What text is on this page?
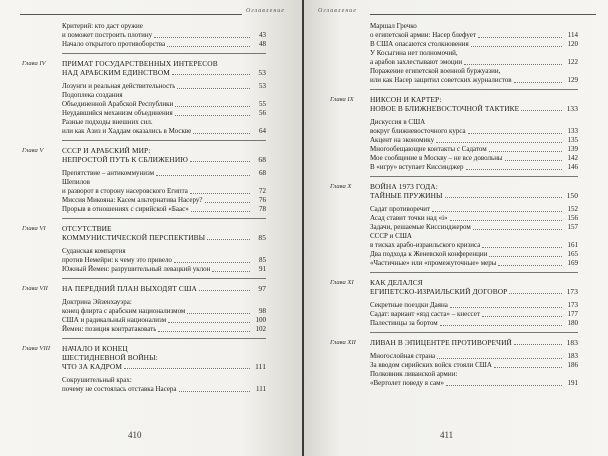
Оглавление
Критерий: кто даст оружие
и поможет построить плотину	43
Начало открытого противоборства	48
Глава IV	ПРИМАТ ГОСУДАРСТВЕННЫХ ИНТЕРЕСОВ
НАД АРАБСКИМ ЕДИНСТВОМ	53
Лозунги и реальная действительность	53
Подоплека создания
Объединенной Арабской Республики	55
Неудавшийся механизм объединения	56
Разные подходы внешних сил.
или как Азиз и Хаддам оказались в Москве	64
Глава V	СССР И АРАБСКИЙ МИР:
НЕПРОСТОЙ ПУТЬ К СБЛИЖЕНИЮ	68
Препятствие – антикоммунизм	68
Шепилов
и разворот в сторону насеровского Египта	72
Миссия Микояна: Касем альтернатива Насеру?	76
Прорыв в отношениях с сирийской «Баас»	78
Глава VI	ОТСУТСТВИЕ
КОММУНИСТИЧЕСКОЙ ПЕРСПЕКТИВЫ	85
Суданская компартия
против Немейри: к чему это привело	85
Южный Йемен: разрушительный левацкий уклон	91
Глава VII	НА ПЕРЕДНИЙ ПЛАН ВЫХОДЯТ США	97
Доктрина Эйзенхауэра:
конец флирта с арабским национализмом	98
США и радикальный национализм	100
Йемен: позиция контратаковать	102
Глава VIII	НАЧАЛО И КОНЕЦ
ШЕСТИДНЕВНОЙ ВОЙНЫ:
ЧТО ЗА КАДРОМ	111
Сокрушительный крах:
почему не состоялась отставка Насера	111
410
Оглавление
Маршал Гречко
о египетской армии: Насер блефует	114
В США опасаются столкновения	120
У Косыгина нет полномочий,
а арабов захлестывают эмоции	122
Поражение египетской военной буржуазии,
или как Насер защитил советских журналистов	129
Глава IX	НИКСОН И КАРТЕР:
НОВОЕ В БЛИЖНЕВОСТОЧНОЙ ТАКТИКЕ	133
Дискуссия в США
вокруг ближневосточного курса	133
Акцент на экономику	135
Многообещающие контакты с Садатом	139
Мое сообщение в Москву – не все довольны	142
В «игру» вступает Киссинджер	146
Глава X	ВОЙНА 1973 ГОДА:
ТАЙНЫЕ ПРУЖИНЫ	150
Садат противоречит	152
Асад ставит точки над «i»	156
Задачи, решаемые Киссинджером	157
СССР и США
в тисках арабо-израильского кризиса	161
Два подхода к Женевской конференции	165
«Частичные» или «промежуточные» меры	169
Глава XI	КАК ДЕЛАЛСЯ
ЕГИПЕТСКО-ИЗРАИЛЬСКИЙ ДОГОВОР	173
Секретные поездки Даяна	173
Садат: вариант «язд сaста» – кнессет	177
Палестинцы за бортом	180
Глава XII	ЛИВАН В ЭПИЦЕНТРЕ ПРОТИВОРЕЧИЙ	183
Многослойная страна	183
За вводом сирийских войск стояли США	186
Полковник ливанской армии:
«Вертолет поведу я сам»	191
411
